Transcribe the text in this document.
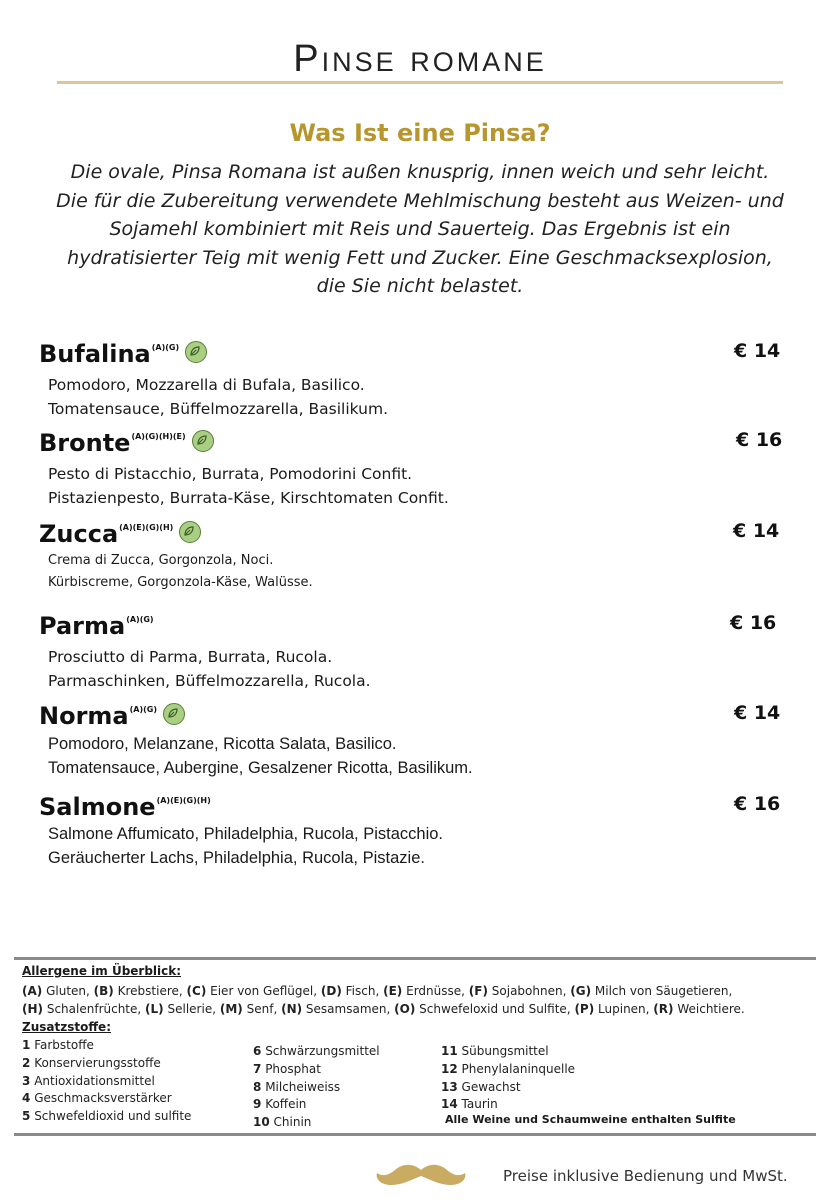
Pinse romane
Was Ist eine Pinsa?
Die ovale, Pinsa Romana ist außen knusprig, innen weich und sehr leicht. Die für die Zubereitung verwendete Mehlmischung besteht aus Weizen- und Sojamehl kombiniert mit Reis und Sauerteig. Das Ergebnis ist ein hydratisierter Teig mit wenig Fett und Zucker. Eine Geschmacksexplosion, die Sie nicht belastet.
Bufalina$^{(A)(G)}$	€ 14
Pomodoro, Mozzarella di Bufala, Basilico.
Tomatensauce, Büffelmozzarella, Basilikum.
Bronte$^{(A)(G)(H)(E)}$	€ 16
Pesto di Pistacchio, Burrata, Pomodorini Confit.
Pistazienpesto, Burrata-Käse, Kirschtomaten Confit.
Zucca$^{(A)(E)(G)(H)}$	€ 14
Crema di Zucca, Gorgonzola, Noci.
Kürbiscreme, Gorgonzola-Käse, Walüsse.
Parma$^{(A)(G)}$	€ 16
Prosciutto di Parma, Burrata, Rucola.
Parmaschinken, Büffelmozzarella, Rucola.
Norma$^{(A)(G)}$	€ 14
Pomodoro, Melanzane, Ricotta Salata, Basilico.
Tomatensauce, Aubergine, Gesalzener Ricotta, Basilikum.
Salmone$^{(A)(E)(G)(H)}$	€ 16
Salmone Affumicato, Philadelphia, Rucola, Pistacchio.
Geräucherter Lachs, Philadelphia, Rucola, Pistazie.
Allergene im Überblick:
(A) Gluten, (B) Krebstiere, (C) Eier von Geflügel, (D) Fisch, (E) Erdnüsse, (F) Sojabohnen, (G) Milch von Säugetieren,
(H) Schalenfrüchte, (L) Sellerie, (M) Senf, (N) Sesamsamen, (O) Schwefeloxid und Sulfite, (P) Lupinen, (R) Weichtiere.
Zusatzstoffe:
1 Farbstoffe
2 Konservierungsstoffe
3 Antioxidationsmittel
4 Geschmacksverstärker
5 Schwefeldioxid und sulfite
6 Schwärzungsmittel
7 Phosphat
8 Milcheiweiss
9 Koffein
10 Chinin
11 Sübungsmittel
12 Phenylalaninquelle
13 Gewachst
14 Taurin
Alle Weine und Schaumweine enthalten Sulfite
Preise inklusive Bedienung und MwSt.
